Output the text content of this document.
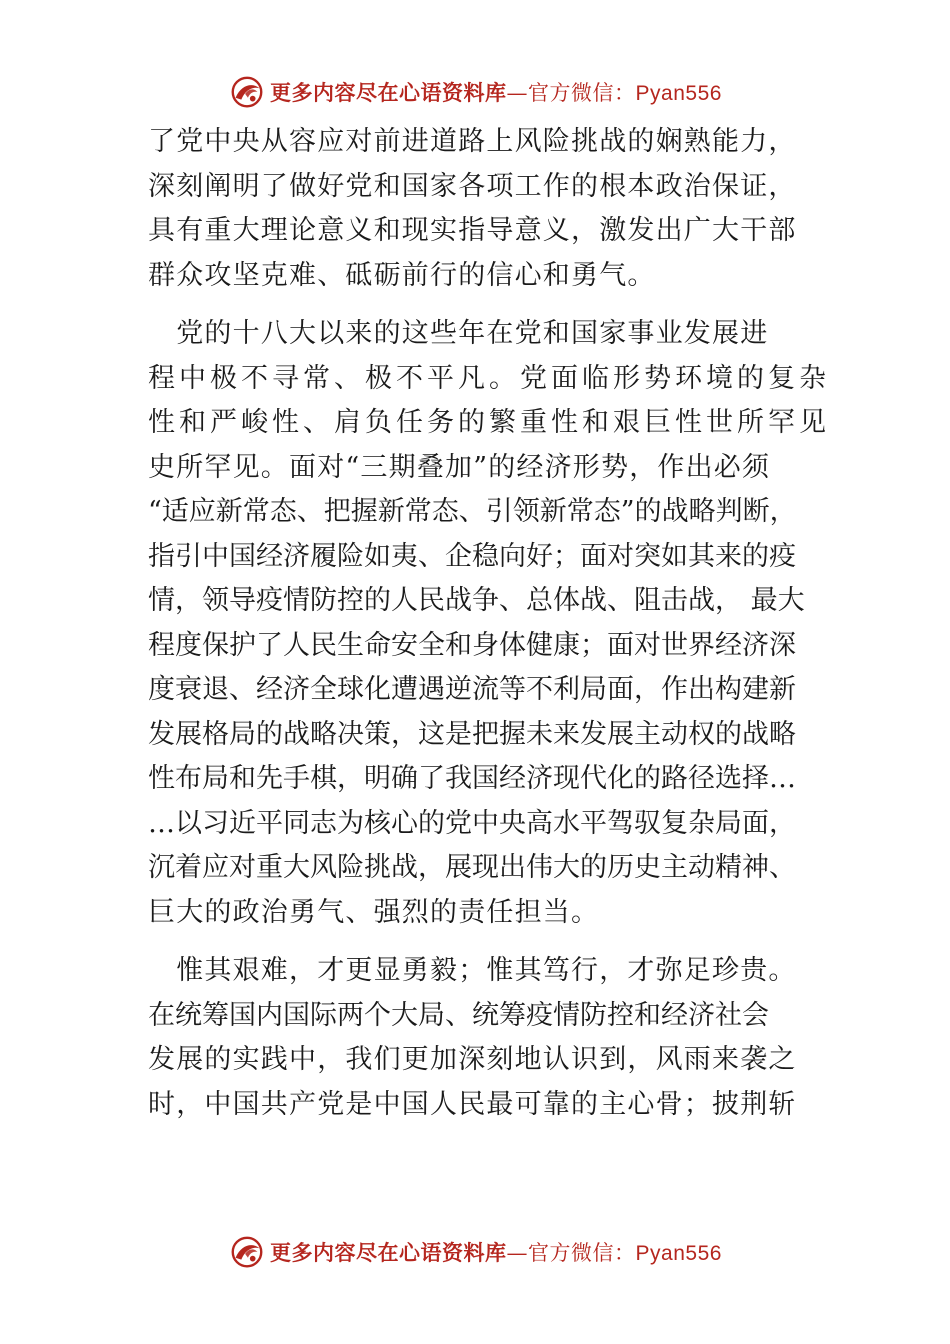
更多内容尽在心语资料库—官方微信：Pyan556

了党中央从容应对前进道路上风险挑战的娴熟能力，
深刻阐明了做好党和国家各项工作的根本政治保证，
具有重大理论意义和现实指导意义，激发出广大干部
群众攻坚克难、砥砺前行的信心和勇气。

　党的十八大以来的这些年在党和国家事业发展进
程中极不寻常、极不平凡。党面临形势环境的复杂
性和严峻性、肩负任务的繁重性和艰巨性世所罕见
史所罕见。面对“三期叠加”的经济形势，作出必须
“适应新常态、把握新常态、引领新常态”的战略判断，
指引中国经济履险如夷、企稳向好；面对突如其来的疫
情，领导疫情防控的人民战争、总体战、阻击战， 最大
程度保护了人民生命安全和身体健康；面对世界经济深
度衰退、经济全球化遭遇逆流等不利局面，作出构建新
发展格局的战略决策，这是把握未来发展主动权的战略
性布局和先手棋，明确了我国经济现代化的路径选择…
…以习近平同志为核心的党中央高水平驾驭复杂局面，
沉着应对重大风险挑战，展现出伟大的历史主动精神、
巨大的政治勇气、强烈的责任担当。

　惟其艰难，才更显勇毅；惟其笃行，才弥足珍贵。
在统筹国内国际两个大局、统筹疫情防控和经济社会
发展的实践中，我们更加深刻地认识到，风雨来袭之
时，中国共产党是中国人民最可靠的主心骨；披荆斩

更多内容尽在心语资料库—官方微信：Pyan556
